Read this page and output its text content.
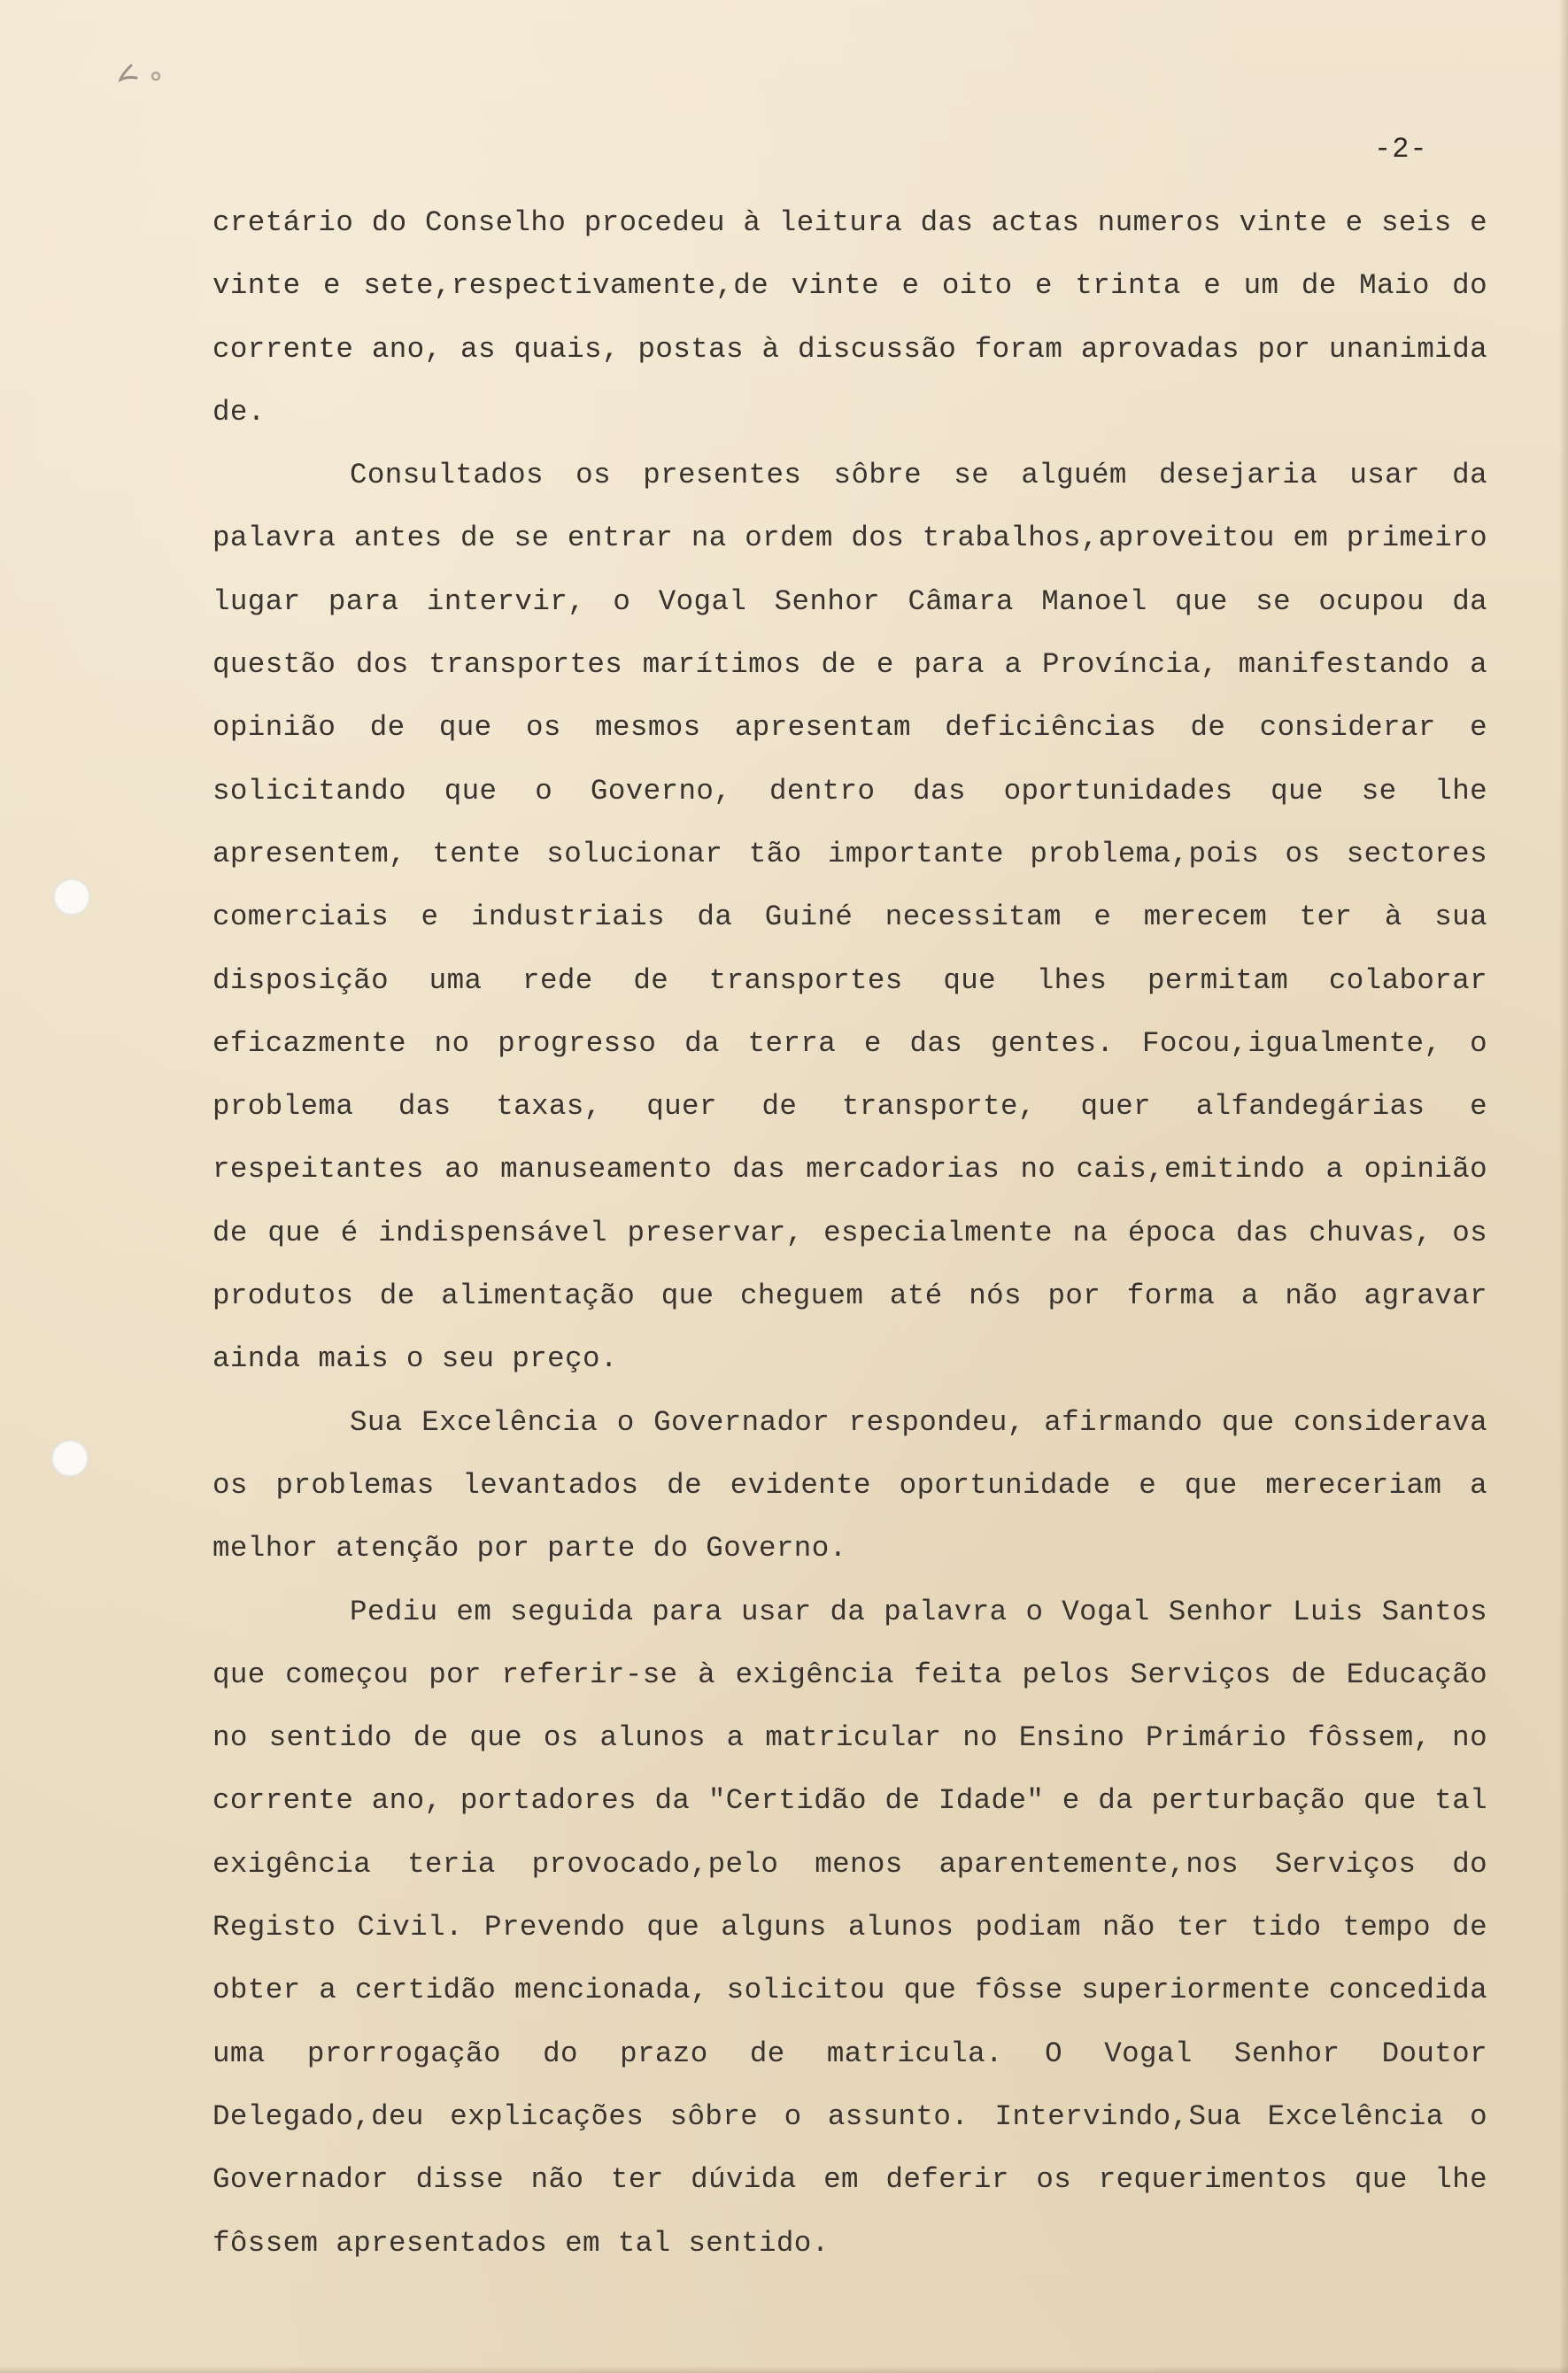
-2-

cretário do Conselho procedeu à leitura das actas numeros vinte e seis e vinte e sete,respectivamente,de vinte e oito e trinta e um de Maio do corrente ano, as quais, postas à discussão foram aprovadas por unanimida de.

Consultados os presentes sôbre se alguém desejaria usar da palavra antes de se entrar na ordem dos trabalhos,aproveitou em primeiro lugar para intervir, o Vogal Senhor Câmara Manoel que se ocupou da questão dos transportes marítimos de e para a Província, manifestando a opinião de que os mesmos apresentam deficiências de considerar e solicitando que o Governo, dentro das oportunidades que se lhe apresentem, tente solucionar tão importante problema,pois os sectores comerciais e industriais da Guiné necessitam e merecem ter à sua disposição uma rede de transportes que lhes permitam colaborar eficazmente no progresso da terra e das gentes. Focou,igualmente, o problema das taxas, quer de transporte, quer alfandegárias e respeitantes ao manuseamento das mercadorias no cais,emitindo a opinião de que é indispensável preservar, especialmente na época das chuvas, os produtos de alimentação que cheguem até nós por forma a não agravar ainda mais o seu preço.

Sua Excelência o Governador respondeu, afirmando que considerava os problemas levantados de evidente oportunidade e que mereceriam a melhor atenção por parte do Governo.

Pediu em seguida para usar da palavra o Vogal Senhor Luis Santos que começou por referir-se à exigência feita pelos Serviços de Educação no sentido de que os alunos a matricular no Ensino Primário fôssem, no corrente ano, portadores da "Certidão de Idade" e da perturbação que tal exigência teria provocado,pelo menos aparentemente,nos Serviços do Registo Civil. Prevendo que alguns alunos podiam não ter tido tempo de obter a certidão mencionada, solicitou que fôsse superiormente concedida uma prorrogação do prazo de matricula. O Vogal Senhor Doutor Delegado,deu explicações sôbre o assunto. Intervindo,Sua Excelência o Governador disse não ter dúvida em deferir os requerimentos que lhe fôssem apresentados em tal sentido.
